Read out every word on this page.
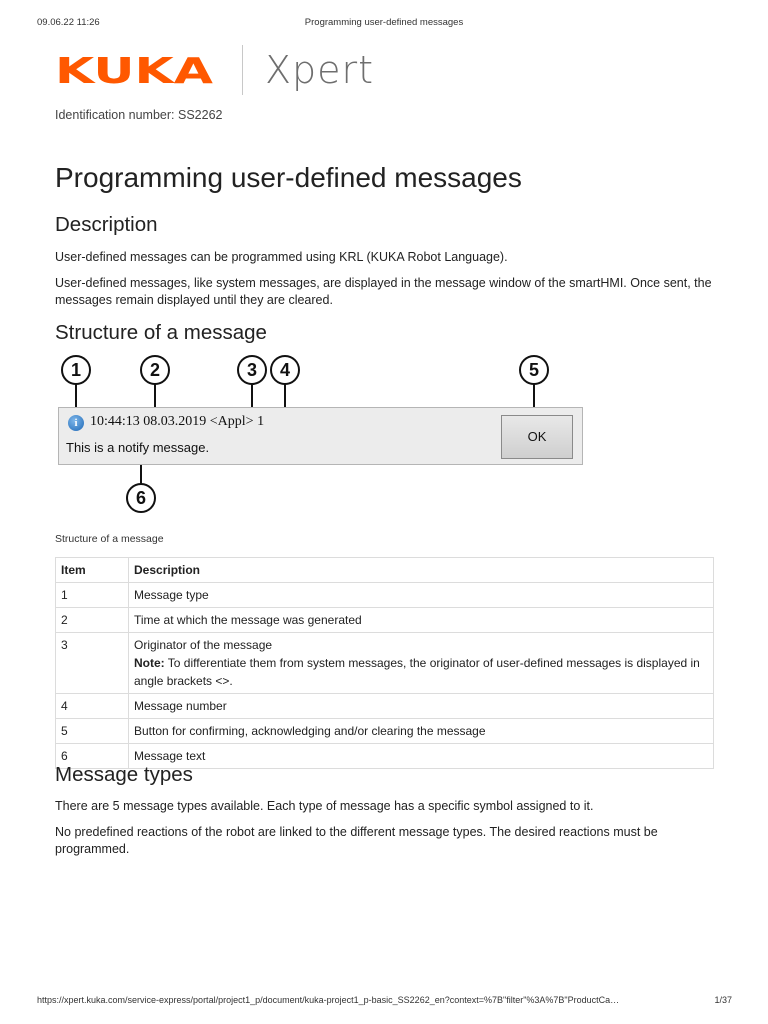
09.06.22 11:26	Programming user-defined messages
KUKA Xpert
Identification number: SS2262
Programming user-defined messages
Description

User-defined messages can be programmed using KRL (KUKA Robot Language).

User-defined messages, like system messages, are displayed in the message window of the smartHMI. Once sent, the messages remain displayed until they are cleared.

Structure of a message
i 10:44:13 08.03.2019 <Appl> 1
This is a notify message.
OK
1	2	3	4	5
6
Structure of a message
Item	Description
1	Message type
2	Time at which the message was generated
3	Originator of the message
Note: To differentiate them from system messages, the originator of user-defined messages is displayed in angle brackets <>.

4	Message number
5	Button for confirming, acknowledging and/or clearing the message
6	Message text
Message types

There are 5 message types available. Each type of message has a specific symbol assigned to it.

No predefined reactions of the robot are linked to the different message types. The desired reactions must be programmed.

https://xpert.kuka.com/service-express/portal/project1_p/document/kuka-project1_p-basic_SS2262_en?context=%7B"filter"%3A%7B"ProductCa…	1/37
